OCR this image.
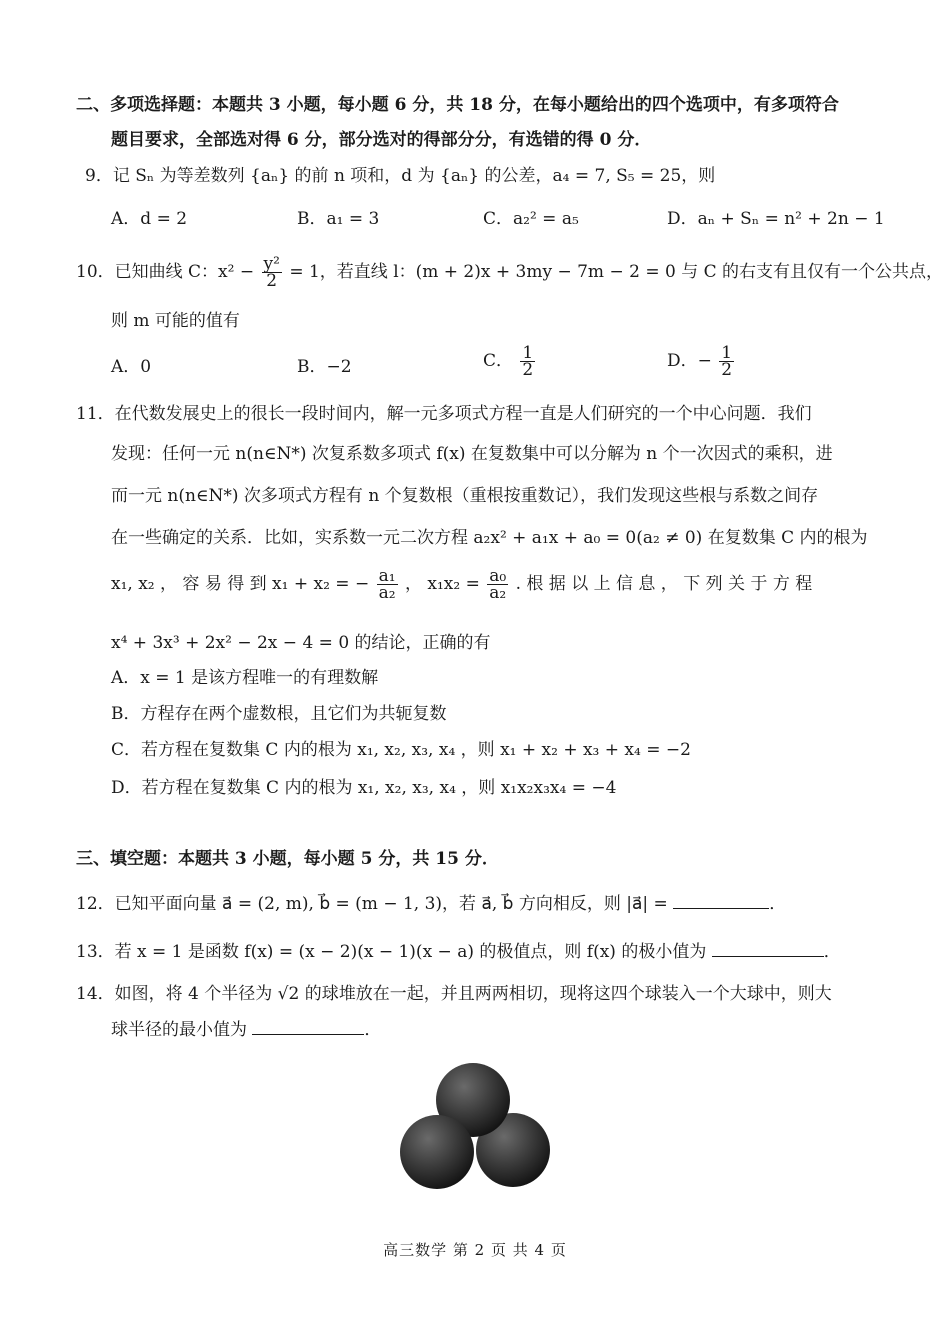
二、多项选择题：本题共 3 小题，每小题 6 分，共 18 分，在每小题给出的四个选项中，有多项符合
题目要求，全部选对得 6 分，部分选对的得部分分，有选错的得 0 分．
9．记 Sₙ 为等差数列 {aₙ} 的前 n 项和，d 为 {aₙ} 的公差，a₄ = 7, S₅ = 25，则
A．d = 2	B．a₁ = 3	C．a₂² = a₅	D．aₙ + Sₙ = n² + 2n − 1
10．已知曲线 C：$x^2 - \frac{\text{y²}}{2} = 1$，若直线 l：(m + 2)x + 3my − 7m − 2 = 0 与 C 的右支有且仅有一个公共点，
则 m 可能的值有
A．0	B．−2	C． $\frac{1}{2}$	D．− $\frac{1}{2}$
11．在代数发展史上的很长一段时间内，解一元多项式方程一直是人们研究的一个中心问题．我们
发现：任何一元 n(n∈N*) 次复系数多项式 f(x) 在复数集中可以分解为 n 个一次因式的乘积，进
而一元 n(n∈N*) 次多项式方程有 n 个复数根（重根按重数记），我们发现这些根与系数之间存
在一些确定的关系．比如，实系数一元二次方程 a₂x² + a₁x + a₀ = 0(a₂ ≠ 0) 在复数集 C 内的根为
x₁, x₂ ， 容 易 得 到 x₁ + x₂ = − $\frac{\text{a₁}}{\text{a₂}}$ ， $x_1x_2 = \frac{\text{a₀}}{\text{a₂}}$ . 根 据 以 上 信 息 ， 下 列 关 于 方 程
x⁴ + 3x³ + 2x² − 2x − 4 = 0 的结论，正确的有
A．x = 1 是该方程唯一的有理数解
B．方程存在两个虚数根，且它们为共轭复数
C．若方程在复数集 C 内的根为 x₁, x₂, x₃, x₄ ，则 x₁ + x₂ + x₃ + x₄ = −2
D．若方程在复数集 C 内的根为 x₁, x₂, x₃, x₄ ，则 x₁x₂x₃x₄ = −4
三、填空题：本题共 3 小题，每小题 5 分，共 15 分．
12．已知平面向量 a⃗ = (2, m), b⃗ = (m − 1, 3)，若 a⃗, b⃗ 方向相反，则 |a⃗| =	．
13．若 x = 1 是函数 f(x) = (x − 2)(x − 1)(x − a) 的极值点，则 f(x) 的极小值为	．
14．如图，将 4 个半径为 √2 的球堆放在一起，并且两两相切，现将这四个球装入一个大球中，则大
球半径的最小值为	．
高三数学 第 2 页 共 4 页
